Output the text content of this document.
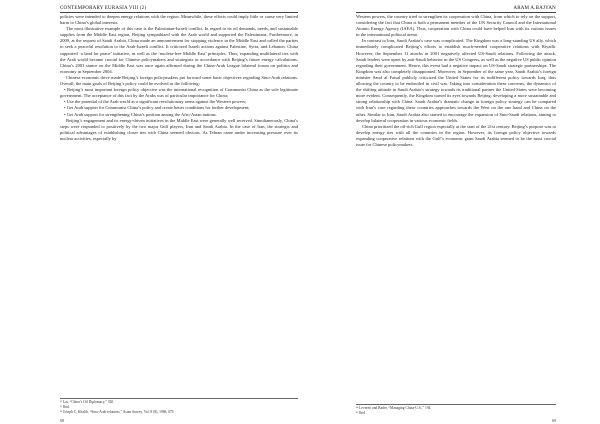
CONTEMPORARY EURASIA VIII (2)

policies were intended to deepen energy relations with the region. Meanwhile, these efforts could imply little or cause very limited harm to China’s global interests.

The most illustrative example of this case is the Palestinian-Israeli conflict. In regard to its oil demands, needs, and sustainable supplies from the Middle East region, Beijing sympathized with the Arab world and supported the Palestinians. Furthermore, in 2009, at the request of Saudi Arabia, China made an announcement for stopping violence in the Middle East and called the parties to seek a peaceful resolution to the Arab-Israeli conflict. It criticized Israeli actions against Palestine, Syria, and Lebanon. China supported ‘a land for peace’ initiative, as well as the ‘nuclear-free Middle East’ principles. Thus, expanding multilateral ties with the Arab world became crucial for Chinese policymakers and strategists in accordance with Beijing’s future energy calculations. China’s 2003 stance on the Middle East was once again affirmed during the China-Arab League bilateral forum on politics and economy in September 2004.

Chinese economic drive made Beijing’s foreign policymakers put forward some basic objectives regarding Sino-Arab relations. Overall, the main goals of Beijing’s policy could be evolved as the following:

• Beijing’s most important foreign policy objective was the international recognition of Communist China as the sole legitimate government. The acceptance of this fact by the Arabs was of particular importance for China;

• Use the potential of the Arab world as a significant revolutionary arena against the Western powers;

• Get Arab support for Communist China’s policy and create better conditions for further development;

• Get Arab support for strengthening China’s position among the Afro-Asian nations.

Beijing’s engagement and its energy-driven initiatives in the Middle East were generally well received. Simultaneously, China’s steps were responded to positively by the two major Gulf players, Iran and Saudi Arabia. In the case of Iran, the strategic and political advantages of establishing closer ties with China seemed obvious. As Tehran came under increasing pressure over its nuclear activities, especially by

¹¹ Lai, “China’s Oil Diplomacy,” 330.

¹² Ibid.

¹³ Joseph C. Khalili, “Sino-Arab relations,” Asian Survey, Vol. 8 (8), 1968, 679.

68
ARAM A.BAJYAN

Western powers, the country tried to strengthen its cooperation with China, from which to rely on the support, considering the fact that China is both a permanent member of the UN Security Council and the International Atomic Energy Agency (IAEA). Thus, cooperation with China could have helped Iran with its various issues in the international political arena.

In contrast to Iran, Saudi Arabia’s case was complicated. The Kingdom was a long-standing US ally, which immediately complicated Beijing’s efforts to establish much-needed cooperative relations with Riyadh. However, the September 11 attacks in 2001 negatively affected US-Saudi relations. Following the attack, Saudi leaders were upset by anti-Saudi behavior in the US Congress, as well as the negative US public opinion regarding their government. Hence, this event had a negative impact on US-Saudi strategic partnerships. The Kingdom was also completely disappointed. Moreover, in September of the same year, Saudi Arabia’s foreign minister Saud al Faisal publicly criticized the United States for its indifferent policy towards Iraq, thus allowing the country to be embroiled in civil war. Taking into consideration these concerns, the dynamics of the shifting attitude in Saudi Arabia’s strategy towards its traditional partner the United States were becoming more evident. Consequently, the Kingdom turned its eyes towards Beijing, developing a more sustainable and strong relationship with China. Saudi Arabia’s dramatic change in foreign policy strategy can be compared with Iran’s case regarding these countries approaches towards the West on the one hand and China on the other. Similar to Iran, Saudi Arabia also started to encourage the expansion of Sino-Saudi relations, aiming to develop bilateral cooperation in various economic fields.

China prioritized the oil-rich Gulf region especially at the start of the 21st century. Beijing’s purpose was to develop energy ties with all the countries in the region. However, its foreign policy objective towards expanding cooperative relations with the Gulf’s economic giant Saudi Arabia seemed to be the most crucial issue for Chinese policymakers.

¹⁴ Leverett and Bader, “Managing China-U.S.,” 194.

¹⁵ Ibid.

69
